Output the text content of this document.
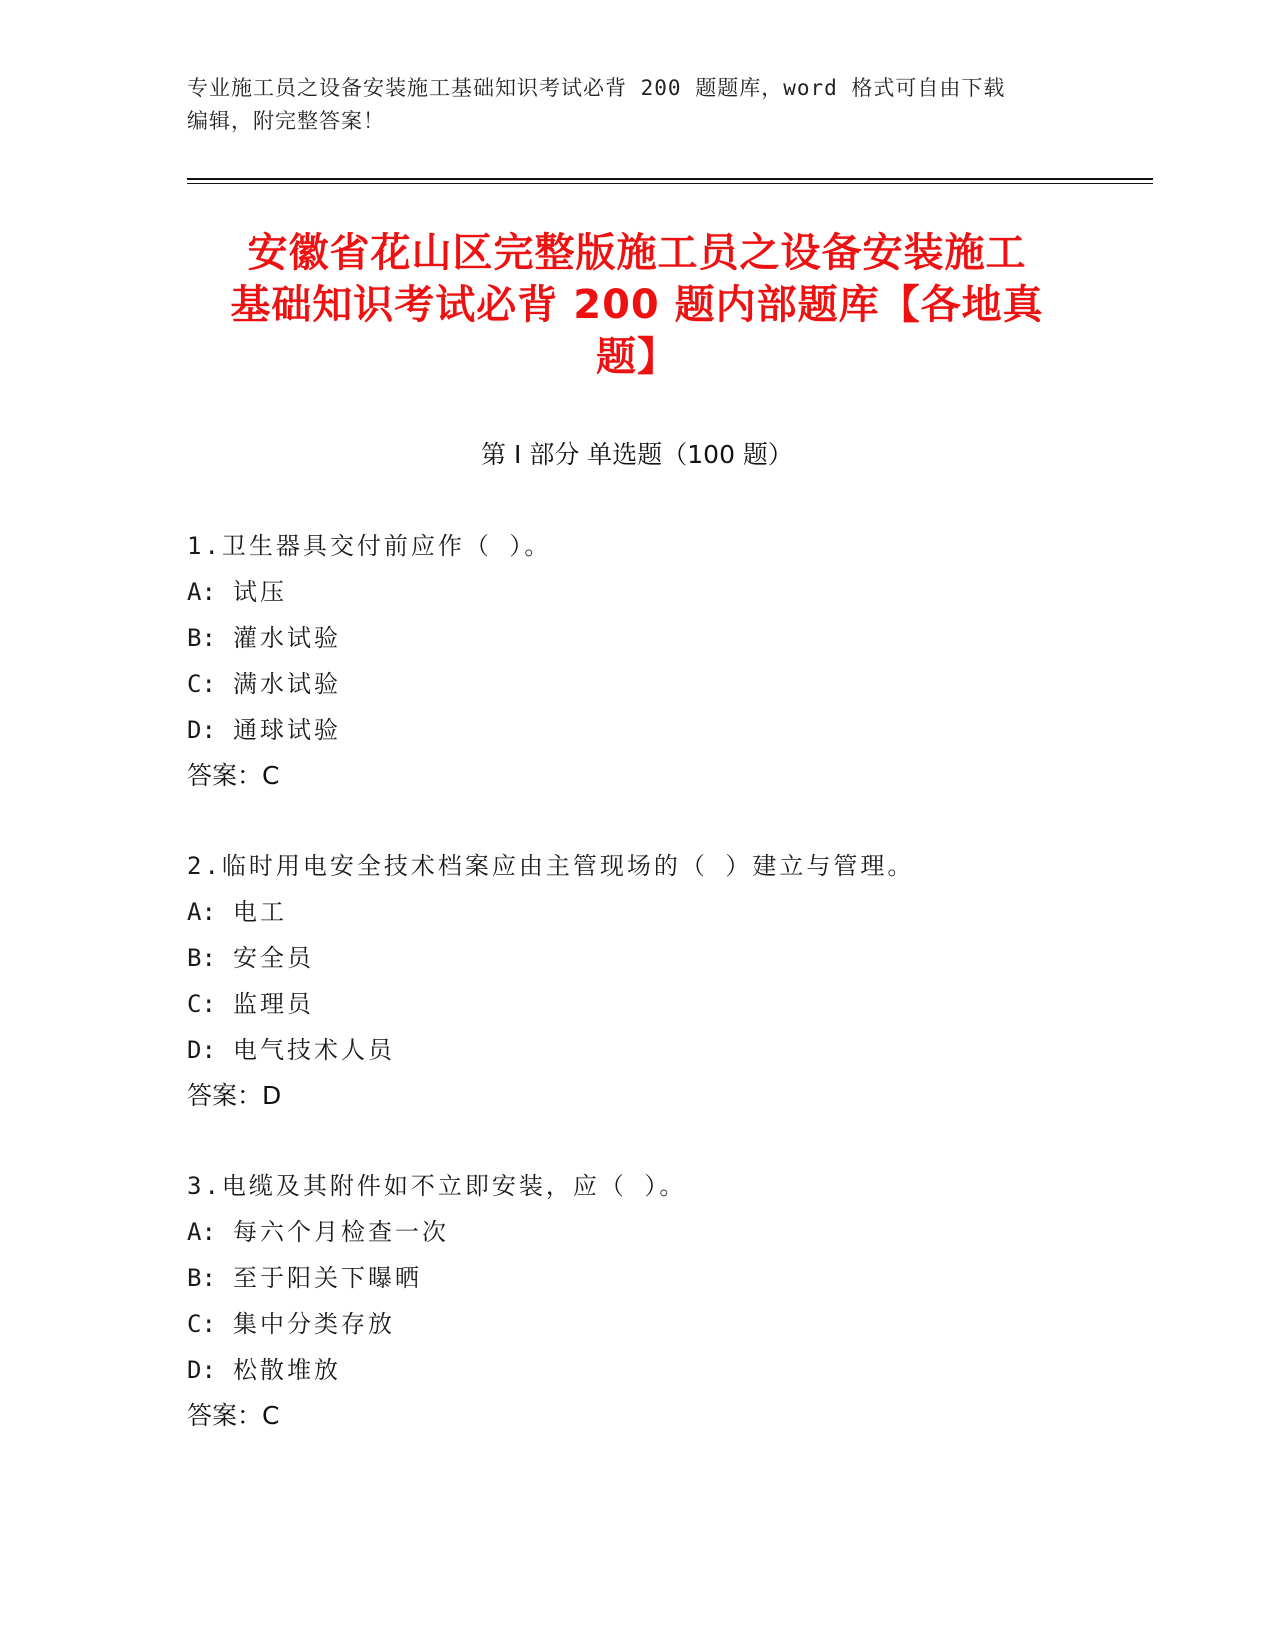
专业施工员之设备安装施工基础知识考试必背 200 题题库，word 格式可自由下载
编辑，附完整答案！
安徽省花山区完整版施工员之设备安装施工
基础知识考试必背 200 题内部题库【各地真
题】
第 I 部分 单选题（100 题）
1.卫生器具交付前应作（ ）。
A: 试压
B: 灌水试验
C: 满水试验
D: 通球试验
答案：C
2.临时用电安全技术档案应由主管现场的（ ）建立与管理。
A: 电工
B: 安全员
C: 监理员
D: 电气技术人员
答案：D
3.电缆及其附件如不立即安装，应（ ）。
A: 每六个月检查一次
B: 至于阳关下曝晒
C: 集中分类存放
D: 松散堆放
答案：C
